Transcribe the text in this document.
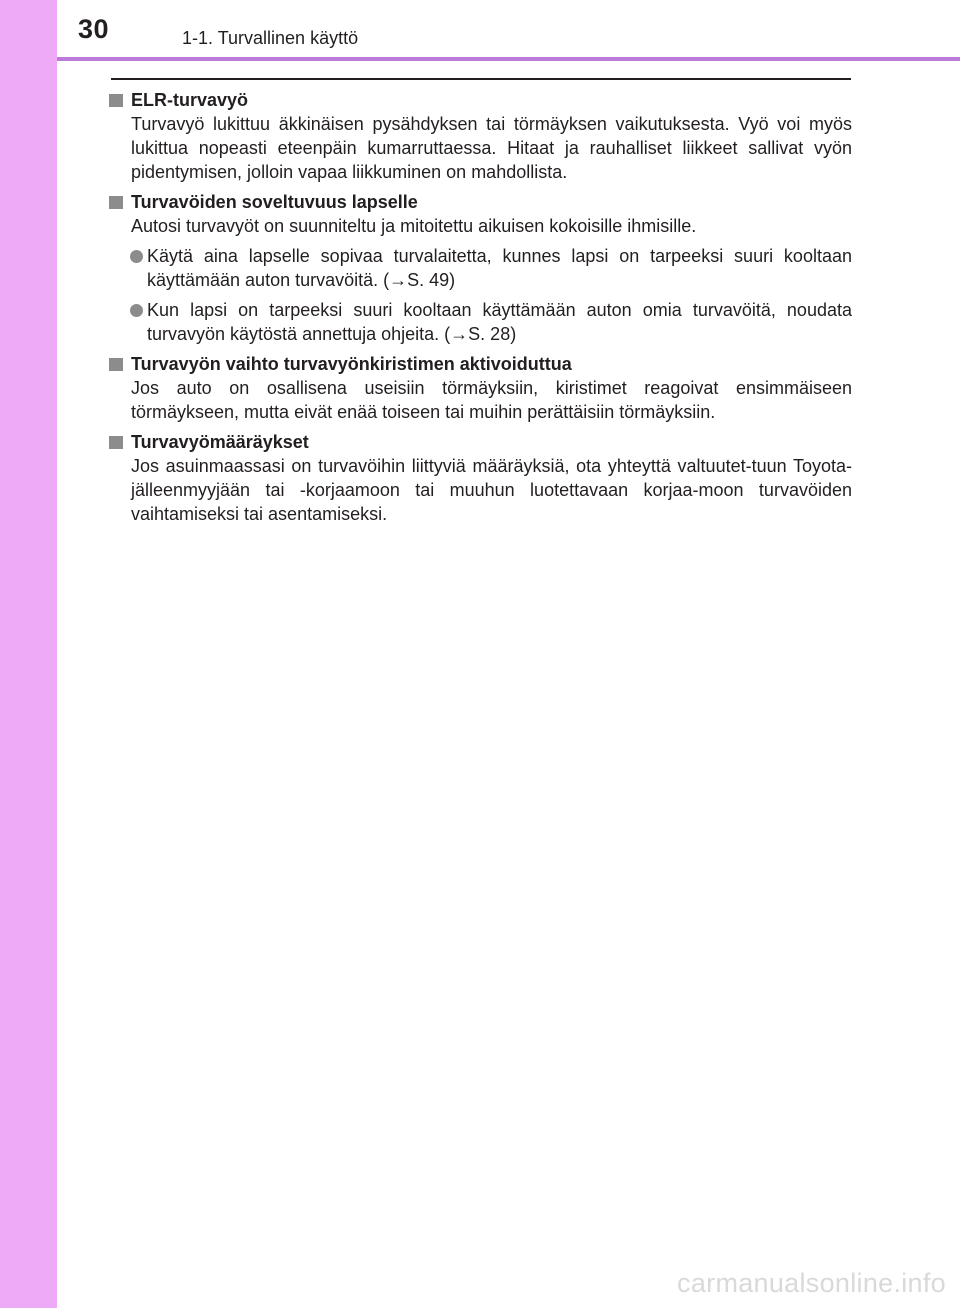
30	1-1. Turvallinen käyttö
ELR-turvavyö
Turvavyö lukittuu äkkinäisen pysähdyksen tai törmäyksen vaikutuksesta. Vyö voi myös lukittua nopeasti eteenpäin kumarruttaessa. Hitaat ja rauhalliset liikkeet sallivat vyön pidentymisen, jolloin vapaa liikkuminen on mahdollista.
Turvavöiden soveltuvuus lapselle
Autosi turvavyöt on suunniteltu ja mitoitettu aikuisen kokoisille ihmisille.
Käytä aina lapselle sopivaa turvalaitetta, kunnes lapsi on tarpeeksi suuri kooltaan käyttämään auton turvavöitä. (→S. 49)
Kun lapsi on tarpeeksi suuri kooltaan käyttämään auton omia turvavöitä, noudata turvavyön käytöstä annettuja ohjeita. (→S. 28)
Turvavyön vaihto turvavyönkiristimen aktivoiduttua
Jos auto on osallisena useisiin törmäyksiin, kiristimet reagoivat ensimmäiseen törmäykseen, mutta eivät enää toiseen tai muihin perättäisiin törmäyksiin.
Turvavyömääräykset
Jos asuinmaassasi on turvavöihin liittyviä määräyksiä, ota yhteyttä valtuutet-tuun Toyota-jälleenmyyjään tai -korjaamoon tai muuhun luotettavaan korjaa-moon turvavöiden vaihtamiseksi tai asentamiseksi.
carmanualsonline.info
